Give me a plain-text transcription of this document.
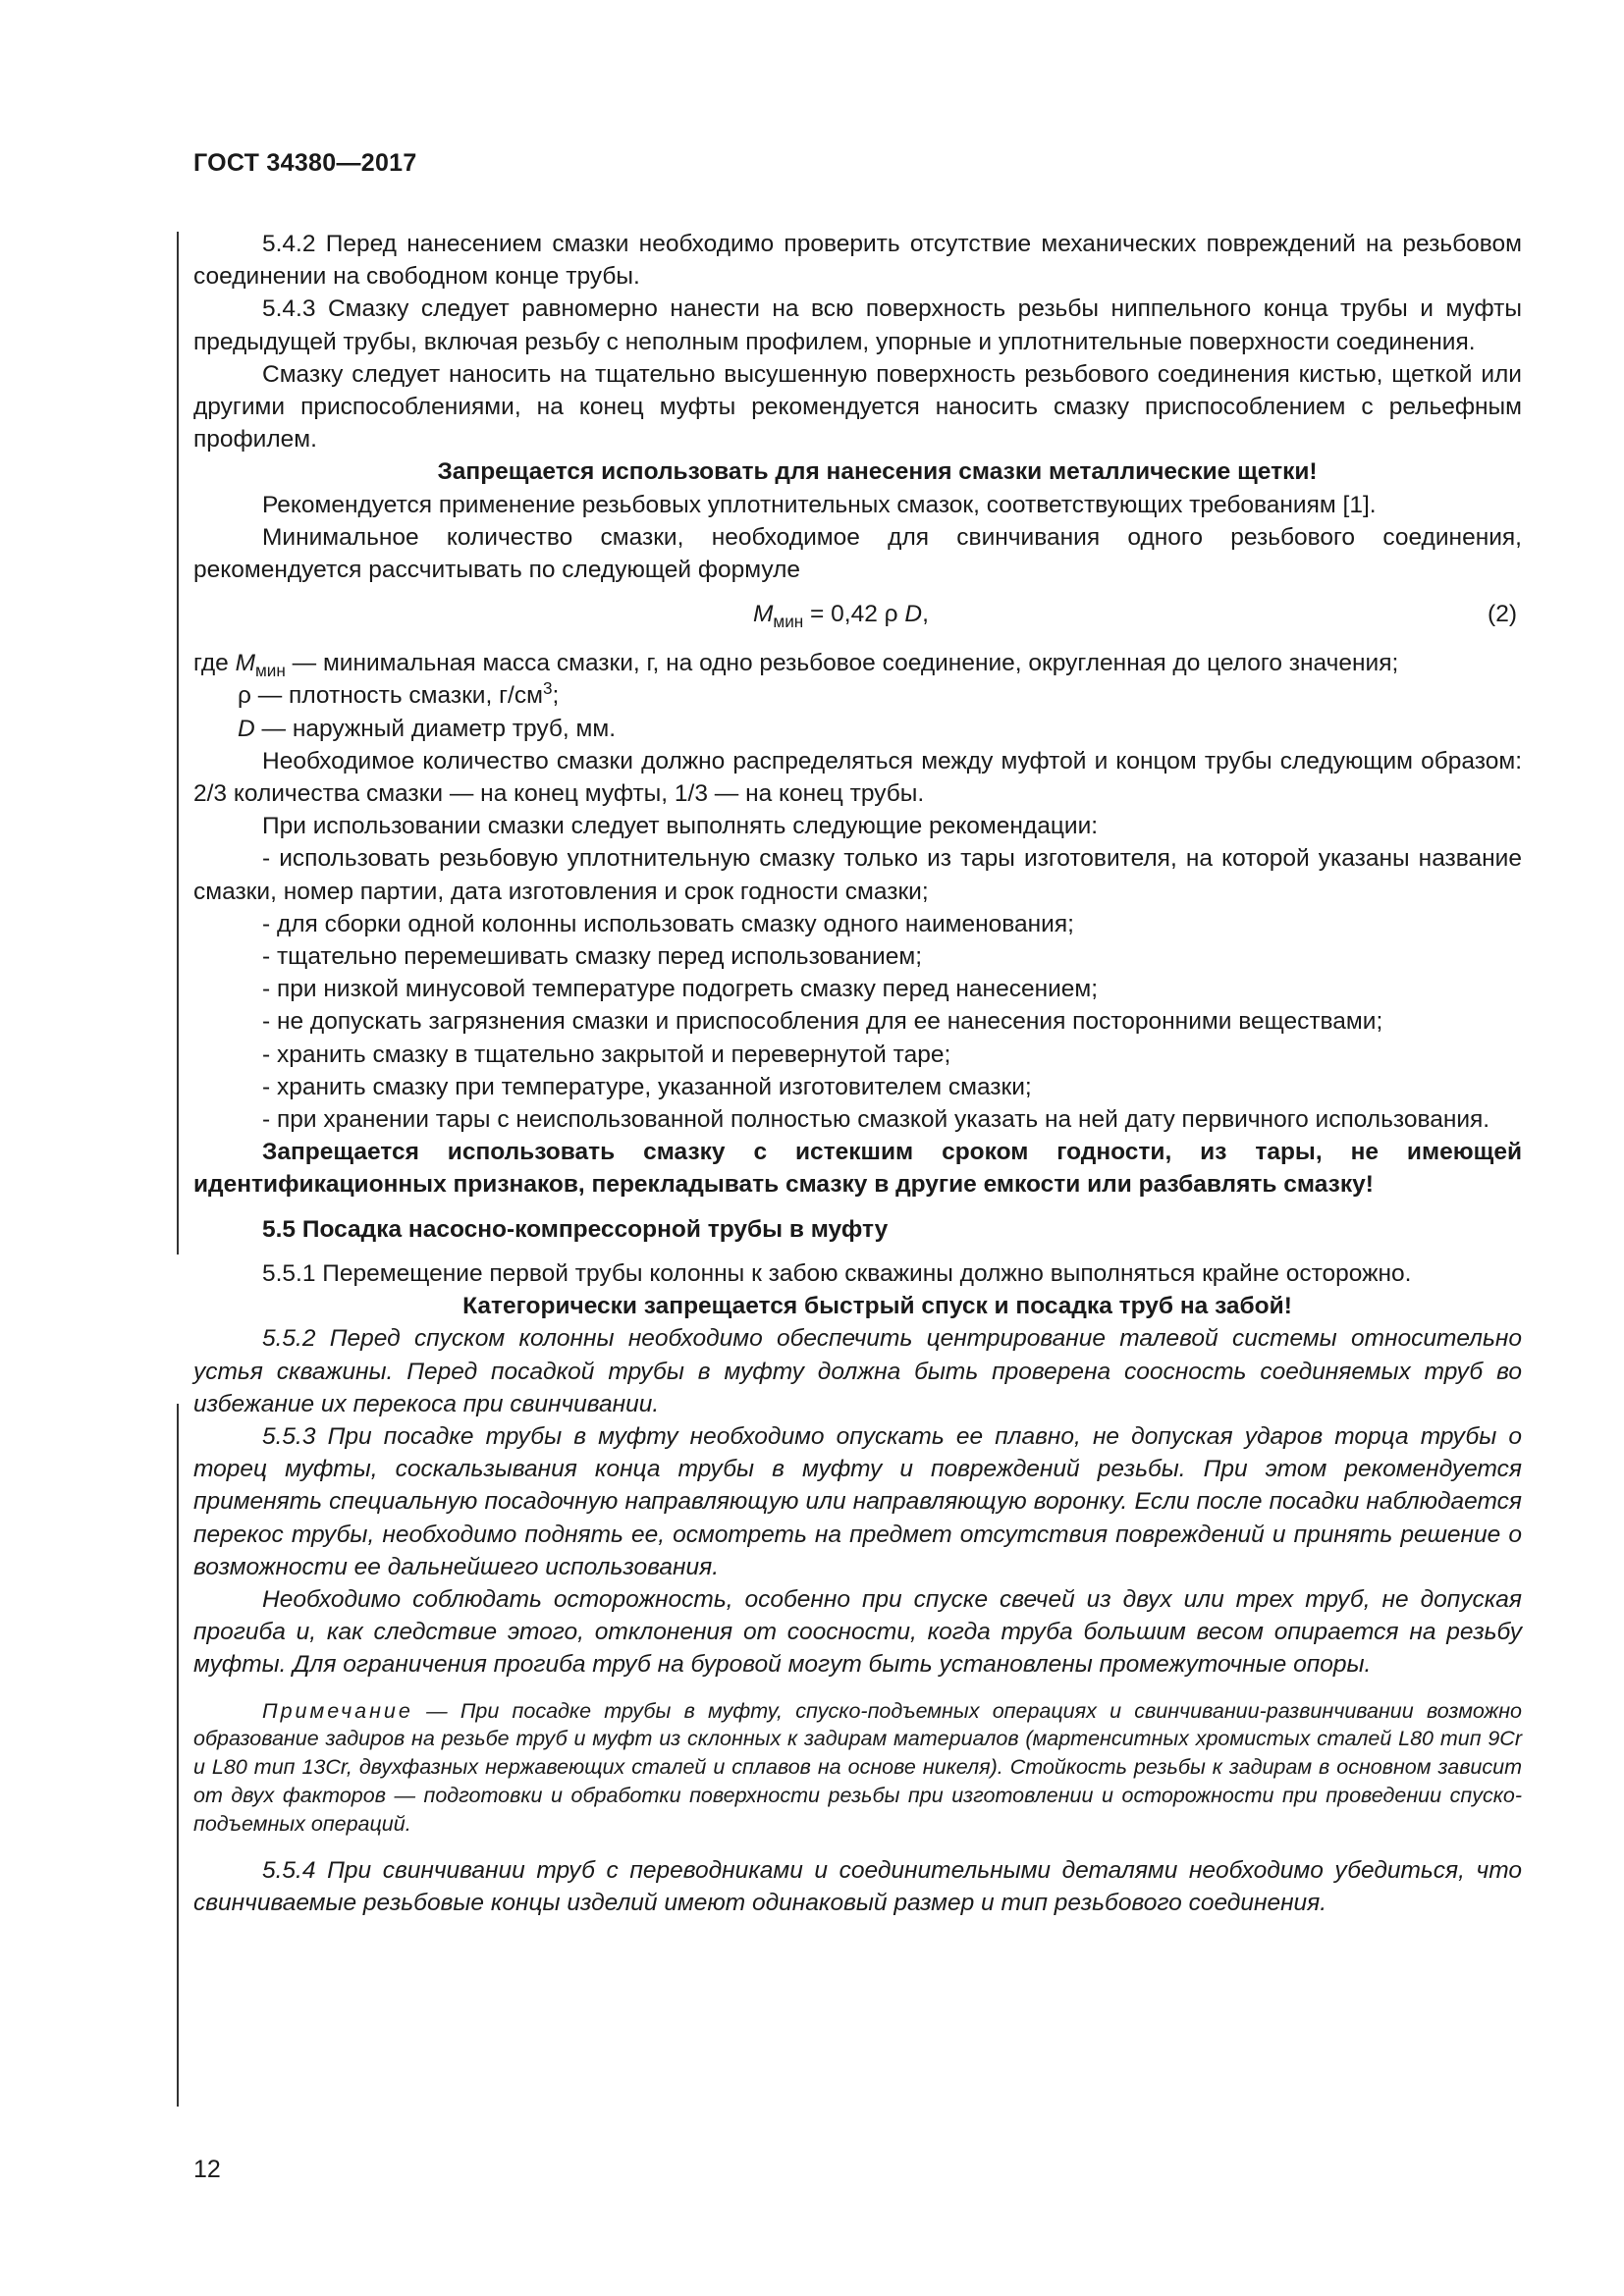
ГОСТ 34380—2017

5.4.2 Перед нанесением смазки необходимо проверить отсутствие механических повреждений на резьбовом соединении на свободном конце трубы.

5.4.3 Смазку следует равномерно нанести на всю поверхность резьбы ниппельного конца трубы и муфты предыдущей трубы, включая резьбу с неполным профилем, упорные и уплотнительные поверхности соединения.

Смазку следует наносить на тщательно высушенную поверхность резьбового соединения кистью, щеткой или другими приспособлениями, на конец муфты рекомендуется наносить смазку приспособлением с рельефным профилем.

Запрещается использовать для нанесения смазки металлические щетки!

Рекомендуется применение резьбовых уплотнительных смазок, соответствующих требованиям [1].

Минимальное количество смазки, необходимое для свинчивания одного резьбового соединения, рекомендуется рассчитывать по следующей формуле

$M_{мин} = 0,42$ ρ D,	(2)

где $M_{мин}$ — минимальная масса смазки, г, на одно резьбовое соединение, округленная до целого значения;

ρ — плотность смазки, $г/см^3$;

D — наружный диаметр труб, мм.

Необходимое количество смазки должно распределяться между муфтой и концом трубы следующим образом: 2/3 количества смазки — на конец муфты, 1/3 — на конец трубы.

При использовании смазки следует выполнять следующие рекомендации:

- использовать резьбовую уплотнительную смазку только из тары изготовителя, на которой указаны название смазки, номер партии, дата изготовления и срок годности смазки;

- для сборки одной колонны использовать смазку одного наименования;

- тщательно перемешивать смазку перед использованием;

- при низкой минусовой температуре подогреть смазку перед нанесением;

- не допускать загрязнения смазки и приспособления для ее нанесения посторонними веществами;

- хранить смазку в тщательно закрытой и перевернутой таре;

- хранить смазку при температуре, указанной изготовителем смазки;

- при хранении тары с неиспользованной полностью смазкой указать на ней дату первичного использования.

Запрещается использовать смазку с истекшим сроком годности, из тары, не имеющей идентификационных признаков, перекладывать смазку в другие емкости или разбавлять смазку!

5.5 Посадка насосно-компрессорной трубы в муфту

5.5.1 Перемещение первой трубы колонны к забою скважины должно выполняться крайне осторожно.

Категорически запрещается быстрый спуск и посадка труб на забой!

5.5.2 Перед спуском колонны необходимо обеспечить центрирование талевой системы относительно устья скважины. Перед посадкой трубы в муфту должна быть проверена соосность соединяемых труб во избежание их перекоса при свинчивании.

5.5.3 При посадке трубы в муфту необходимо опускать ее плавно, не допуская ударов торца трубы о торец муфты, соскальзывания конца трубы в муфту и повреждений резьбы. При этом рекомендуется применять специальную посадочную направляющую или направляющую воронку. Если после посадки наблюдается перекос трубы, необходимо поднять ее, осмотреть на предмет отсутствия повреждений и принять решение о возможности ее дальнейшего использования.

Необходимо соблюдать осторожность, особенно при спуске свечей из двух или трех труб, не допуская прогиба и, как следствие этого, отклонения от соосности, когда труба большим весом опирается на резьбу муфты. Для ограничения прогиба труб на буровой могут быть установлены промежуточные опоры.

Примечание — При посадке трубы в муфту, спуско-подъемных операциях и свинчивании-развинчивании возможно образование задиров на резьбе труб и муфт из склонных к задирам материалов (мартенситных хромистых сталей L80 тип 9Cr и L80 тип 13Cr, двухфазных нержавеющих сталей и сплавов на основе никеля). Стойкость резьбы к задирам в основном зависит от двух факторов — подготовки и обработки поверхности резьбы при изготовлении и осторожности при проведении спуско-подъемных операций.

5.5.4 При свинчивании труб с переводниками и соединительными деталями необходимо убедиться, что свинчиваемые резьбовые концы изделий имеют одинаковый размер и тип резьбового соединения.

12
